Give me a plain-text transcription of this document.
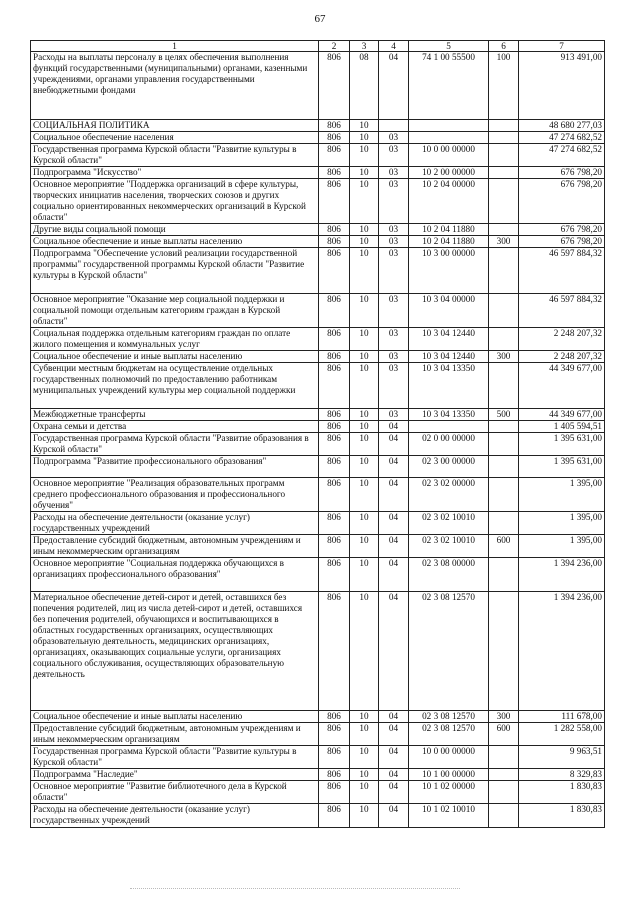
67
1	2	3	4	5	6	7
Расходы на выплаты персоналу в целях обеспечения выполнения функций государственными (муниципальными) органами, казенными учреждениями, органами управления государственными внебюджетными фондами	806	08	04	74 1 00 55500	100	913 491,00
СОЦИАЛЬНАЯ ПОЛИТИКА	806	10				48 680 277,03
Социальное обеспечение населения	806	10	03			47 274 682,52
Государственная программа Курской области "Развитие культуры в Курской области"	806	10	03	10 0 00 00000		47 274 682,52
Подпрограмма "Искусство"	806	10	03	10 2 00 00000		676 798,20
Основное мероприятие "Поддержка организаций в сфере культуры, творческих инициатив населения, творческих союзов и других социально ориентированных некоммерческих организаций в Курской области"	806	10	03	10 2 04 00000		676 798,20
Другие виды социальной помощи	806	10	03	10 2 04 11880		676 798,20
Социальное обеспечение и иные выплаты населению	806	10	03	10 2 04 11880	300	676 798,20
Подпрограмма "Обеспечение условий реализации государственной программы" государственной программы Курской области "Развитие культуры в Курской области"	806	10	03	10 3 00 00000		46 597 884,32
Основное мероприятие "Оказание мер социальной поддержки и социальной помощи отдельным категориям граждан в Курской области"	806	10	03	10 3 04 00000		46 597 884,32
Социальная поддержка отдельным категориям граждан по оплате жилого помещения и коммунальных услуг	806	10	03	10 3 04 12440		2 248 207,32
Социальное обеспечение и иные выплаты населению	806	10	03	10 3 04 12440	300	2 248 207,32
Субвенции местным бюджетам на осуществление отдельных государственных полномочий по предоставлению работникам муниципальных учреждений культуры мер социальной поддержки	806	10	03	10 3 04 13350		44 349 677,00
Межбюджетные трансферты	806	10	03	10 3 04 13350	500	44 349 677,00
Охрана семьи и детства	806	10	04			1 405 594,51
Государственная программа Курской области "Развитие образования в Курской области"	806	10	04	02 0 00 00000		1 395 631,00
Подпрограмма "Развитие профессионального образования"	806	10	04	02 3 00 00000		1 395 631,00
Основное мероприятие "Реализация образовательных программ среднего профессионального образования и профессионального обучения"	806	10	04	02 3 02 00000		1 395,00
Расходы на обеспечение деятельности (оказание услуг) государственных учреждений	806	10	04	02 3 02 10010		1 395,00
Предоставление субсидий бюджетным, автономным учреждениям и иным некоммерческим организациям	806	10	04	02 3 02 10010	600	1 395,00
Основное мероприятие "Социальная поддержка обучающихся в организациях профессионального образования"	806	10	04	02 3 08 00000		1 394 236,00
Материальное обеспечение детей-сирот и детей, оставшихся без попечения родителей, лиц из числа детей-сирот и детей, оставшихся без попечения родителей, обучающихся и воспитывающихся в областных государственных организациях, осуществляющих образовательную деятельность, медицинских организациях, организациях, оказывающих социальные услуги, организациях социального обслуживания, осуществляющих образовательную деятельность	806	10	04	02 3 08 12570		1 394 236,00
Социальное обеспечение и иные выплаты населению	806	10	04	02 3 08 12570	300	111 678,00
Предоставление субсидий бюджетным, автономным учреждениям и иным некоммерческим организациям	806	10	04	02 3 08 12570	600	1 282 558,00
Государственная программа Курской области "Развитие культуры в Курской области"	806	10	04	10 0 00 00000		9 963,51
Подпрограмма "Наследие"	806	10	04	10 1 00 00000		8 329,83
Основное мероприятие "Развитие библиотечного дела в Курской области"	806	10	04	10 1 02 00000		1 830,83
Расходы на обеспечение деятельности (оказание услуг) государственных учреждений	806	10	04	10 1 02 10010		1 830,83
